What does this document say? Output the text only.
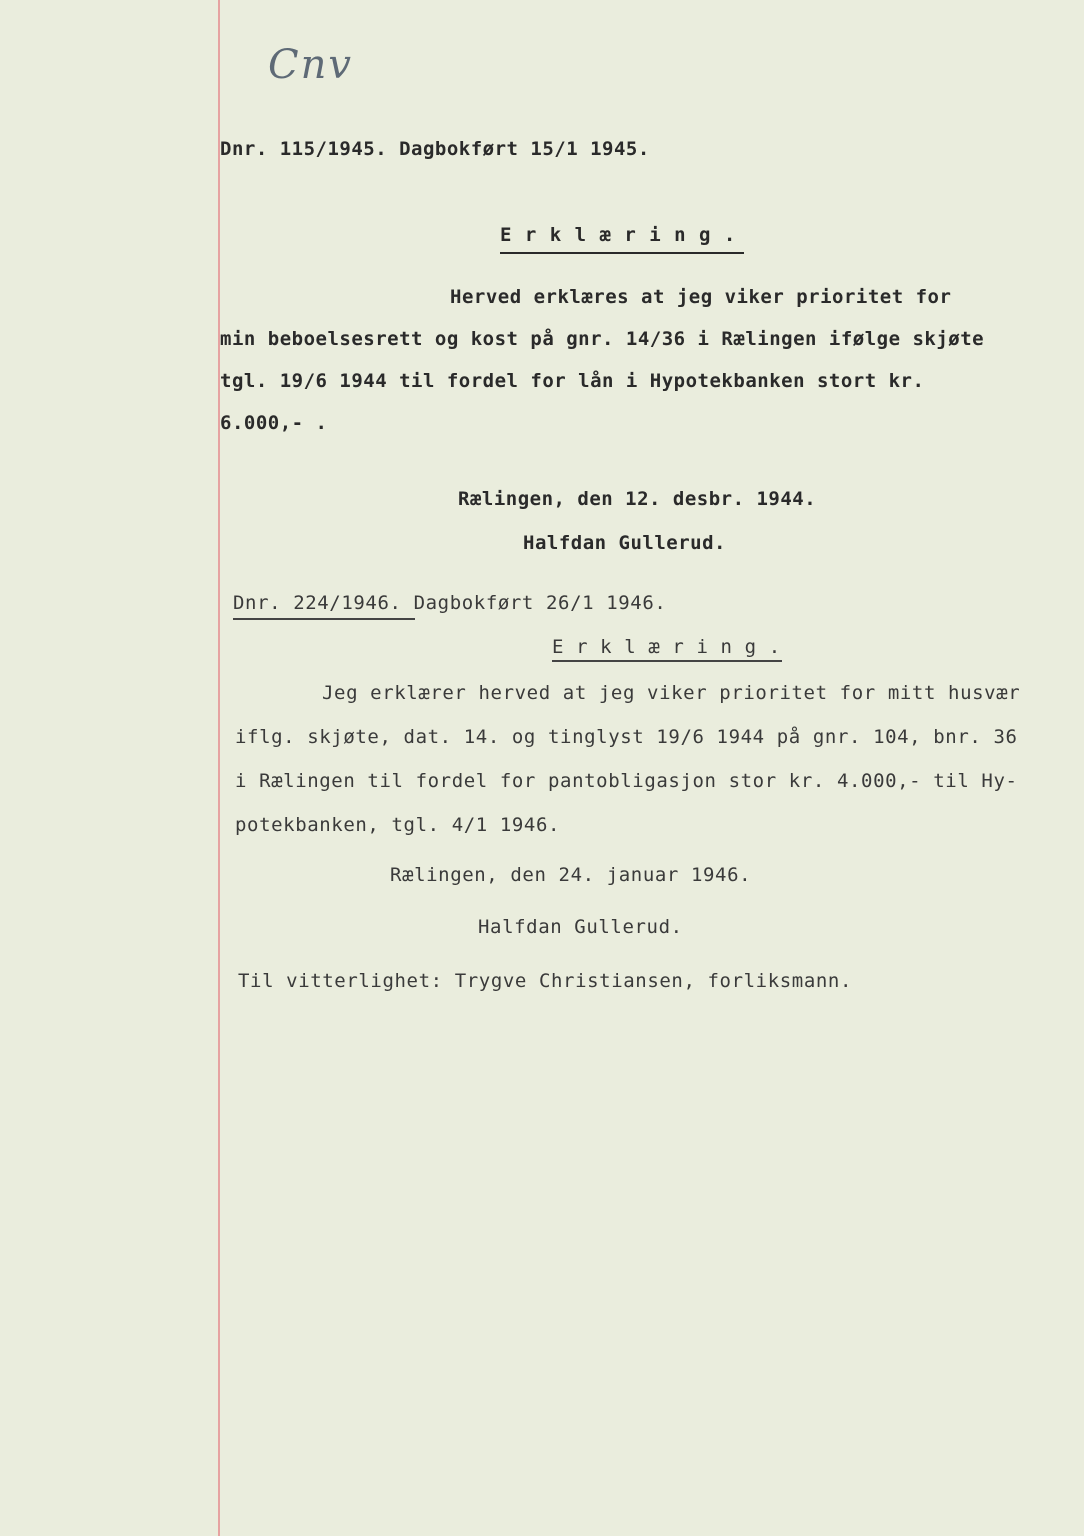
Cnv
Dnr. 115/1945. Dagbokført 15/1 1945.
E r k l æ r i n g .
Herved erklæres at jeg viker prioritet for
min beboelsesrett og kost på gnr. 14/36 i Rælingen ifølge skjøte
tgl. 19/6 1944 til fordel for lån i Hypotekbanken stort kr.
6.000,- .
Rælingen, den 12. desbr. 1944.
Halfdan Gullerud.
Dnr. 224/1946. Dagbokført 26/1 1946.
E r k l æ r i n g .
Jeg erklærer herved at jeg viker prioritet for mitt husvær
iflg. skjøte, dat. 14. og tinglyst 19/6 1944 på gnr. 104, bnr. 36
i Rælingen til fordel for pantobligasjon stor kr. 4.000,- til Hy-
potekbanken, tgl. 4/1 1946.
Rælingen, den 24. januar 1946.
Halfdan Gullerud.
Til vitterlighet: Trygve Christiansen, forliksmann.
